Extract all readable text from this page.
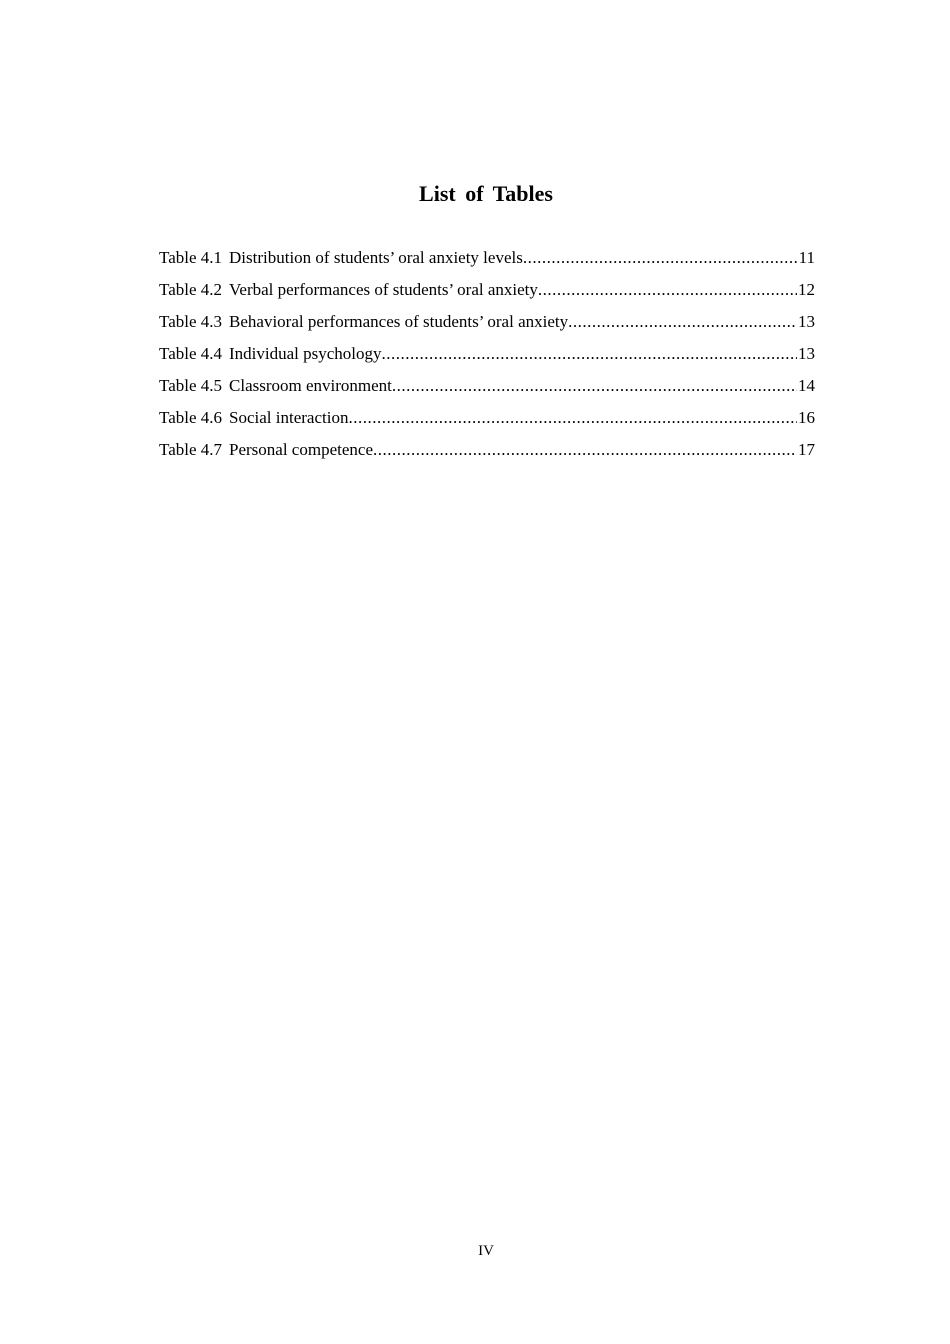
List of Tables
Table 4.1 Distribution of students’ oral anxiety levels .....	11
Table 4.2 Verbal performances of students’ oral anxiety .....	12
Table 4.3 Behavioral performances of students’ oral anxiety .....	13
Table 4.4 Individual psychology .....	13
Table 4.5 Classroom environment .....	14
Table 4.6 Social interaction .....	16
Table 4.7 Personal competence .....	17
IV
